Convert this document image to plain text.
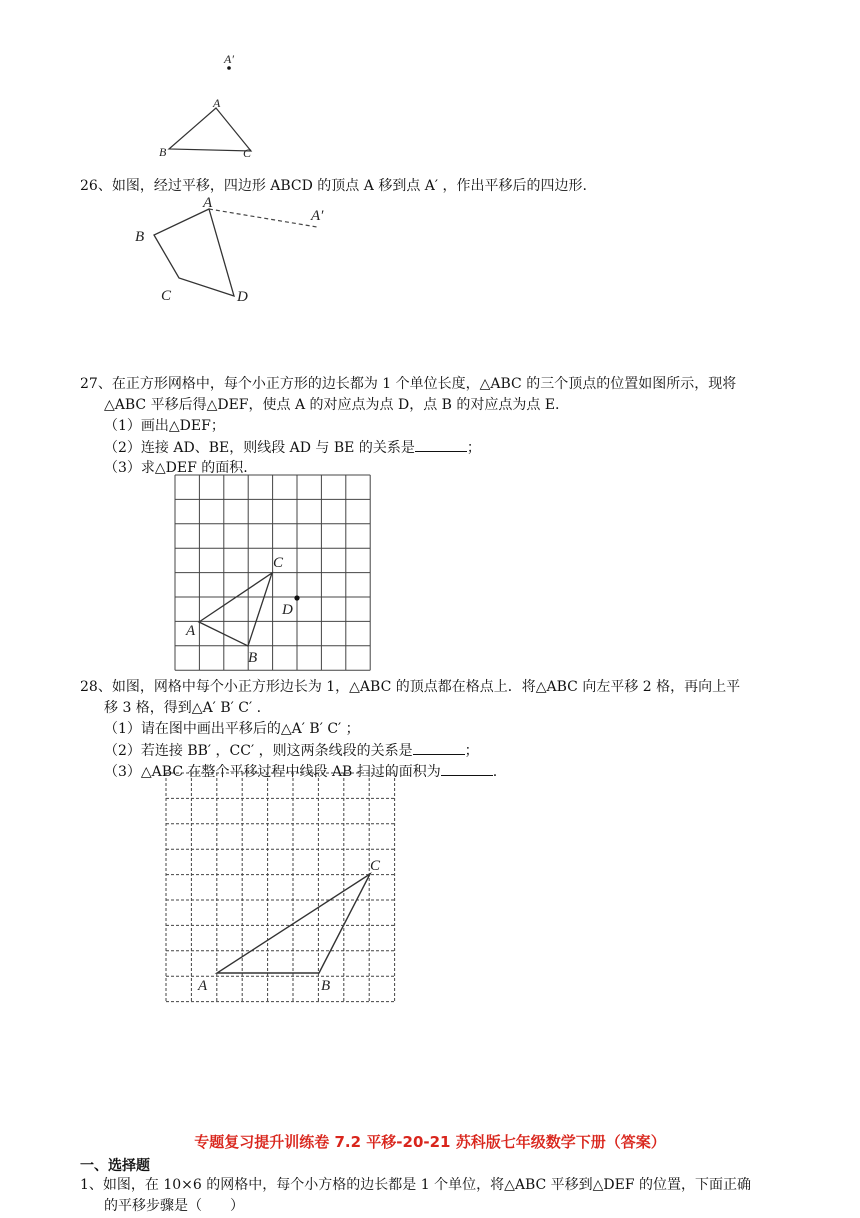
A′
A
B	C
26、如图，经过平移，四边形 ABCD 的顶点 A 移到点 A′ ，作出平移后的四边形.
A
A′
B
C	D
27、在正方形网格中，每个小正方形的边长都为 1 个单位长度，△ABC 的三个顶点的位置如图所示，现将
△ABC 平移后得△DEF，使点 A 的对应点为点 D，点 B 的对应点为点 E.
（1）画出△DEF；
（2）连接 AD、BE，则线段 AD 与 BE 的关系是	；
（3）求△DEF 的面积.
C
D
A
B
28、如图，网格中每个小正方形边长为 1，△ABC 的顶点都在格点上．将△ABC 向左平移 2 格，再向上平
移 3 格，得到△A′ B′ C′ .
（1）请在图中画出平移后的△A′ B′ C′ ；
（2）若连接 BB′ ，CC′ ，则这两条线段的关系是	；
（3）△ABC 在整个平移过程中线段 AB 扫过的面积为	.
C
A	B
专题复习提升训练卷 7.2 平移-20-21 苏科版七年级数学下册（答案）
一、选择题
1、如图，在 10×6 的网格中，每个小方格的边长都是 1 个单位，将△ABC 平移到△DEF 的位置，下面正确
的平移步骤是（　　）
